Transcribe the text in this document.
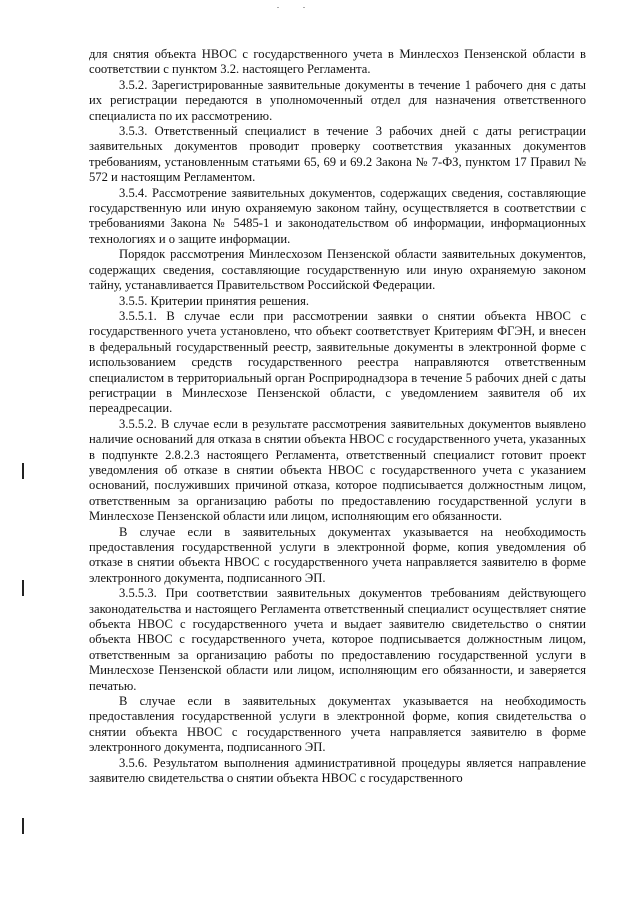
для снятия объекта НВОС с государственного учета в Минлесхоз Пензенской области в соответствии с пунктом 3.2. настоящего Регламента.

3.5.2. Зарегистрированные заявительные документы в течение 1 рабочего дня с даты их регистрации передаются в уполномоченный отдел для назначения ответственного специалиста по их рассмотрению.

3.5.3. Ответственный специалист в течение 3 рабочих дней с даты регистрации заявительных документов проводит проверку соответствия указанных документов требованиям, установленным статьями 65, 69 и 69.2 Закона № 7-ФЗ, пунктом 17 Правил № 572 и настоящим Регламентом.

3.5.4. Рассмотрение заявительных документов, содержащих сведения, составляющие государственную или иную охраняемую законом тайну, осуществляется в соответствии с требованиями Закона № 5485-1 и законодательством об информации, информационных технологиях и о защите информации.

Порядок рассмотрения Минлесхозом Пензенской области заявительных документов, содержащих сведения, составляющие государственную или иную охраняемую законом тайну, устанавливается Правительством Российской Федерации.

3.5.5. Критерии принятия решения.

3.5.5.1. В случае если при рассмотрении заявки о снятии объекта НВОС с государственного учета установлено, что объект соответствует Критериям ФГЭН, и внесен в федеральный государственный реестр, заявительные документы в электронной форме с использованием средств государственного реестра направляются ответственным специалистом в территориальный орган Росприроднадзора в течение 5 рабочих дней с даты регистрации в Минлесхозе Пензенской области, с уведомлением заявителя об их переадресации.

3.5.5.2. В случае если в результате рассмотрения заявительных документов выявлено наличие оснований для отказа в снятии объекта НВОС с государственного учета, указанных в подпункте 2.8.2.3 настоящего Регламента, ответственный специалист готовит проект уведомления об отказе в снятии объекта НВОС с государственного учета с указанием оснований, послуживших причиной отказа, которое подписывается должностным лицом, ответственным за организацию работы по предоставлению государственной услуги в Минлесхозе Пензенской области или лицом, исполняющим его обязанности.

В случае если в заявительных документах указывается на необходимость предоставления государственной услуги в электронной форме, копия уведомления об отказе в снятии объекта НВОС с государственного учета направляется заявителю в форме электронного документа, подписанного ЭП.

3.5.5.3. При соответствии заявительных документов требованиям действующего законодательства и настоящего Регламента ответственный специалист осуществляет снятие объекта НВОС с государственного учета и выдает заявителю свидетельство о снятии объекта НВОС с государственного учета, которое подписывается должностным лицом, ответственным за организацию работы по предоставлению государственной услуги в Минлесхозе Пензенской области или лицом, исполняющим его обязанности, и заверяется печатью.

В случае если в заявительных документах указывается на необходимость предоставления государственной услуги в электронной форме, копия свидетельства о снятии объекта НВОС с государственного учета направляется заявителю в форме электронного документа, подписанного ЭП.

3.5.6. Результатом выполнения административной процедуры является направление заявителю свидетельства о снятии объекта НВОС с государственного
